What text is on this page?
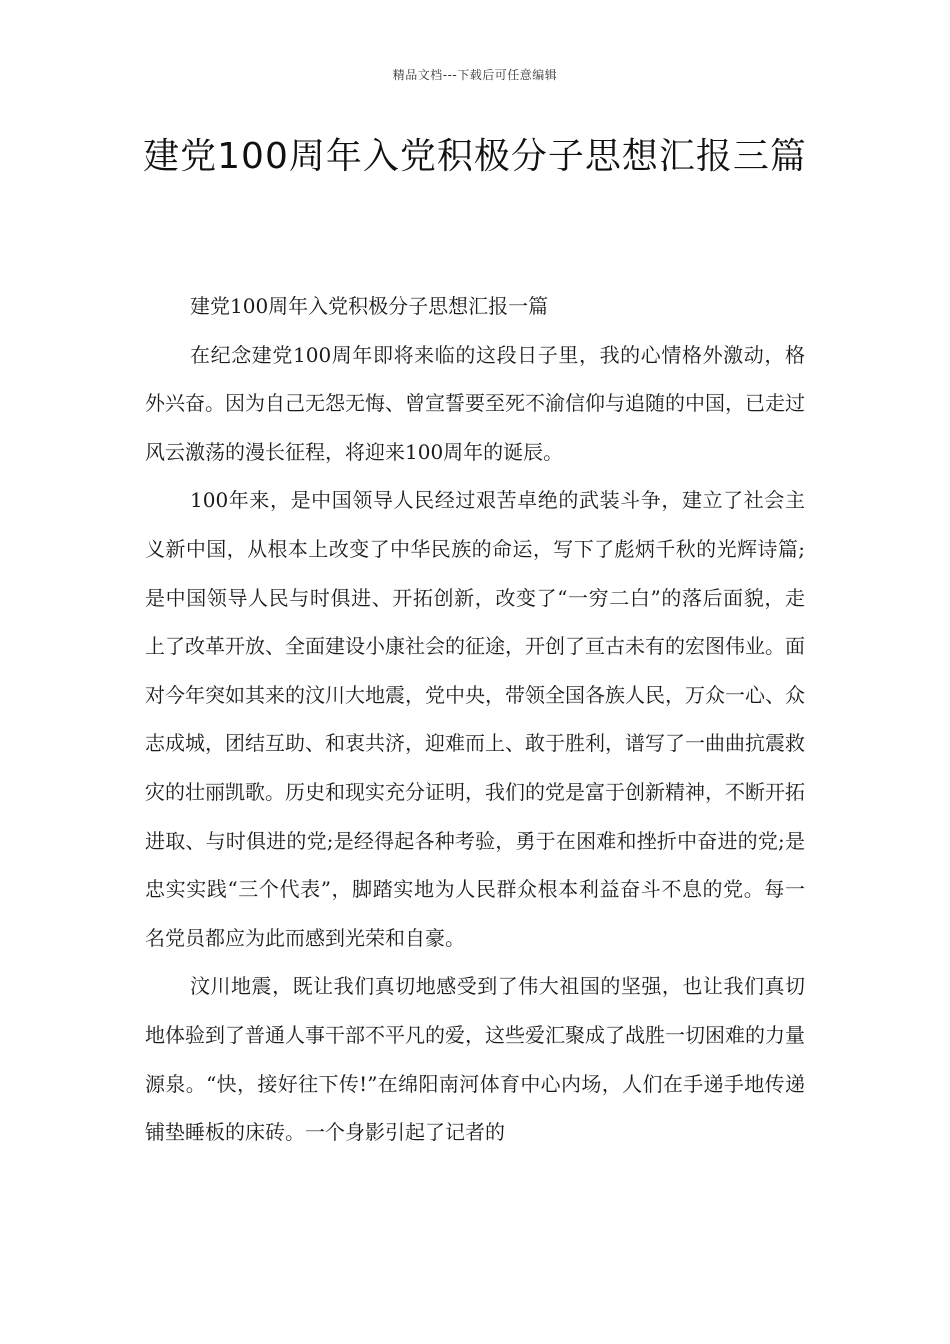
精品文档---下载后可任意编辑
建党100周年入党积极分子思想汇报三篇

建党100周年入党积极分子思想汇报一篇

在纪念建党100周年即将来临的这段日子里，我的心情格外激动，格外兴奋。因为自己无怨无悔、曾宣誓要至死不渝信仰与追随的中国，已走过风云激荡的漫长征程，将迎来100周年的诞辰。

100年来，是中国领导人民经过艰苦卓绝的武装斗争，建立了社会主义新中国，从根本上改变了中华民族的命运，写下了彪炳千秋的光辉诗篇;是中国领导人民与时俱进、开拓创新，改变了“一穷二白”的落后面貌，走上了改革开放、全面建设小康社会的征途，开创了亘古未有的宏图伟业。面对今年突如其来的汶川大地震，党中央，带领全国各族人民，万众一心、众志成城，团结互助、和衷共济，迎难而上、敢于胜利，谱写了一曲曲抗震救灾的壮丽凯歌。历史和现实充分证明，我们的党是富于创新精神，不断开拓进取、与时俱进的党;是经得起各种考验，勇于在困难和挫折中奋进的党;是忠实实践“三个代表”，脚踏实地为人民群众根本利益奋斗不息的党。每一名党员都应为此而感到光荣和自豪。

汶川地震，既让我们真切地感受到了伟大祖国的坚强，也让我们真切地体验到了普通人事干部不平凡的爱，这些爱汇聚成了战胜一切困难的力量源泉。“快，接好往下传!”在绵阳南河体育中心内场，人们在手递手地传递铺垫睡板的床砖。一个身影引起了记者的
